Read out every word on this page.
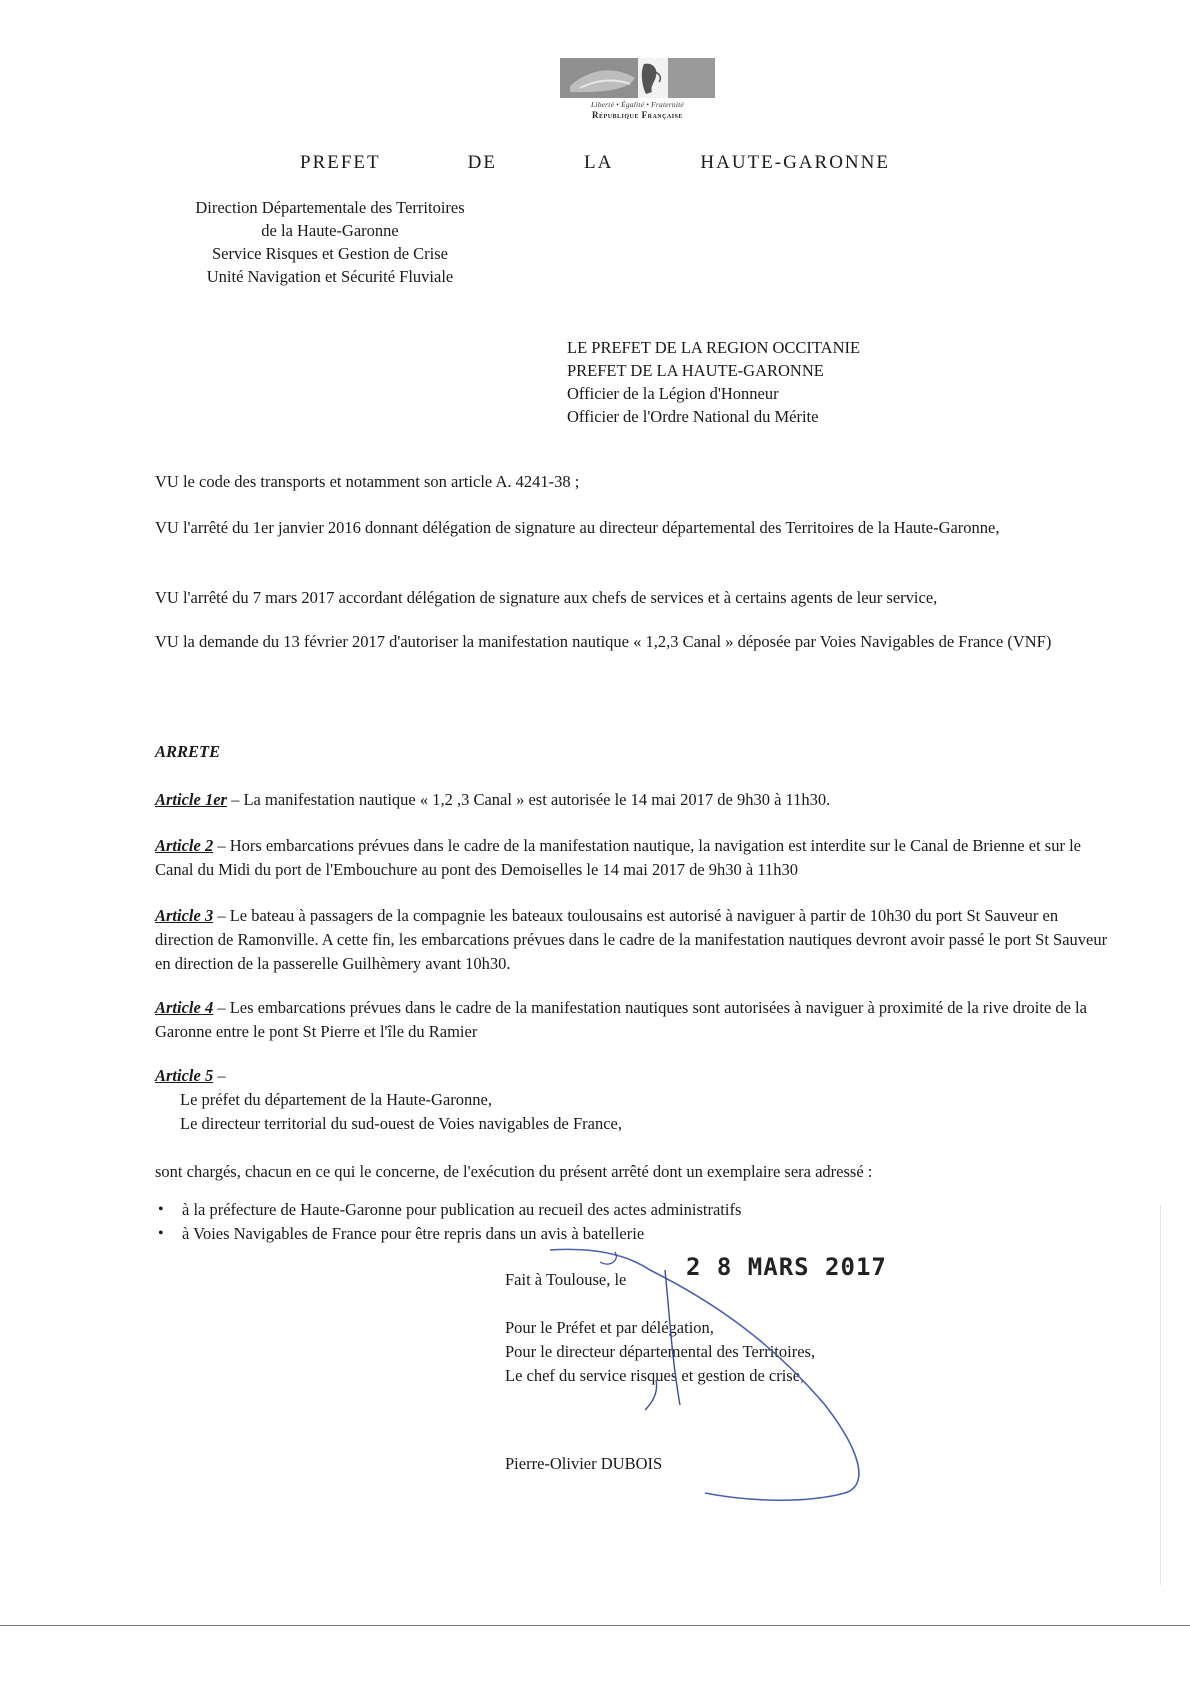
Liberté • Égalité • Fraternité
République Française
PREFET	DE	LA	HAUTE-GARONNE
Direction Départementale des Territoires
de la Haute-Garonne
Service Risques et Gestion de Crise
Unité Navigation et Sécurité Fluviale
LE PREFET DE LA REGION OCCITANIE
PREFET DE LA HAUTE-GARONNE
Officier de la Légion d'Honneur
Officier de l'Ordre National du Mérite
VU le code des transports et notamment son article A. 4241-38 ;
VU l'arrêté du 1er janvier 2016 donnant délégation de signature au directeur départemental des Territoires de la Haute-Garonne,
VU l'arrêté du 7 mars 2017 accordant délégation de signature aux chefs de services et à certains agents de leur service,
VU la demande du 13 février 2017 d'autoriser la manifestation nautique « 1,2,3 Canal » déposée par Voies Navigables de France (VNF)
ARRETE
Article 1er – La manifestation nautique « 1,2 ,3 Canal » est autorisée le 14 mai 2017 de 9h30 à 11h30.
Article 2 – Hors embarcations prévues dans le cadre de la manifestation nautique, la navigation est interdite sur le Canal de Brienne et sur le Canal du Midi du port de l'Embouchure au pont des Demoiselles le 14 mai 2017 de 9h30 à 11h30
Article 3 – Le bateau à passagers de la compagnie les bateaux toulousains est autorisé à naviguer à partir de 10h30 du port St Sauveur en direction de Ramonville. A cette fin, les embarcations prévues dans le cadre de la manifestation nautiques devront avoir passé le port St Sauveur en direction de la passerelle Guilhèmery avant 10h30.
Article 4 – Les embarcations prévues dans le cadre de la manifestation nautiques sont autorisées à naviguer à proximité de la rive droite de la Garonne entre le pont St Pierre et l'île du Ramier
Article 5 –
Le préfet du département de la Haute-Garonne,
Le directeur territorial du sud-ouest de Voies navigables de France,
sont chargés, chacun en ce qui le concerne, de l'exécution du présent arrêté dont un exemplaire sera adressé :
• à la préfecture de Haute-Garonne pour publication au recueil des actes administratifs
• à Voies Navigables de France pour être repris dans un avis à batellerie
Fait à Toulouse, le 2 8 MARS 2017
Pour le Préfet et par délégation,
Pour le directeur départemental des Territoires,
Le chef du service risques et gestion de crise,
Pierre-Olivier DUBOIS
